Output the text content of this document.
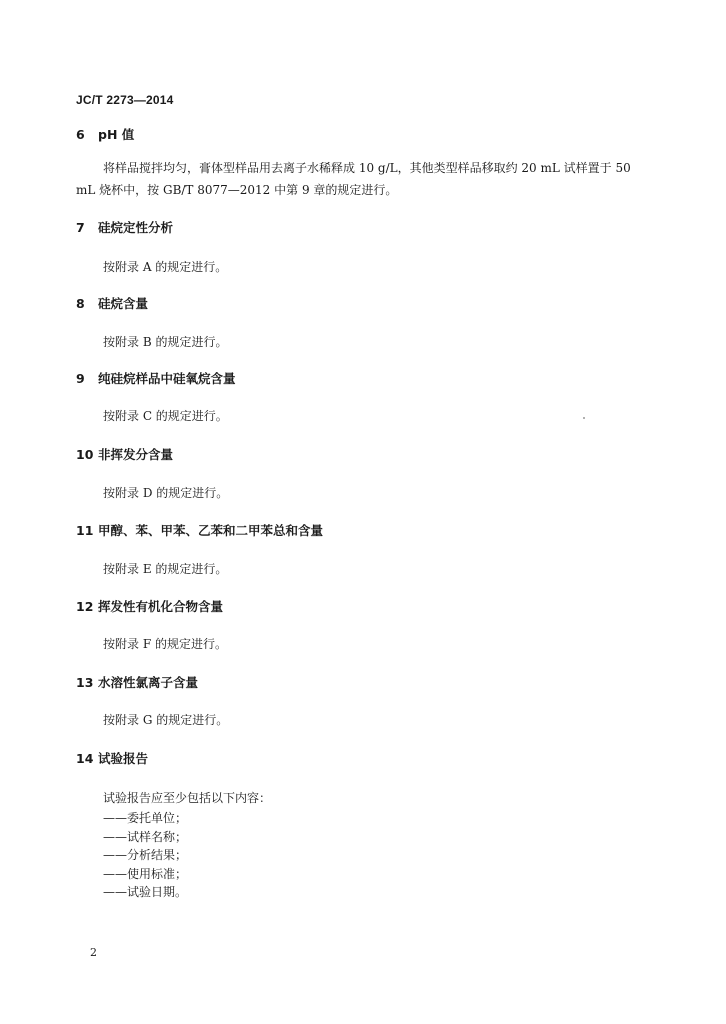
JC/T 2273—2014
6 pH 值
将样品搅拌均匀，膏体型样品用去离子水稀释成 10 g/L，其他类型样品移取约 20 mL 试样置于 50 mL 烧杯中，按 GB/T 8077—2012 中第 9 章的规定进行。
7 硅烷定性分析
按附录 A 的规定进行。
8 硅烷含量
按附录 B 的规定进行。
9 纯硅烷样品中硅氧烷含量
按附录 C 的规定进行。
10 非挥发分含量
按附录 D 的规定进行。
11 甲醇、苯、甲苯、乙苯和二甲苯总和含量
按附录 E 的规定进行。
12 挥发性有机化合物含量
按附录 F 的规定进行。
13 水溶性氯离子含量
按附录 G 的规定进行。
14 试验报告
试验报告应至少包括以下内容：
——委托单位；
——试样名称；
——分析结果；
——使用标准；
——试验日期。
2
